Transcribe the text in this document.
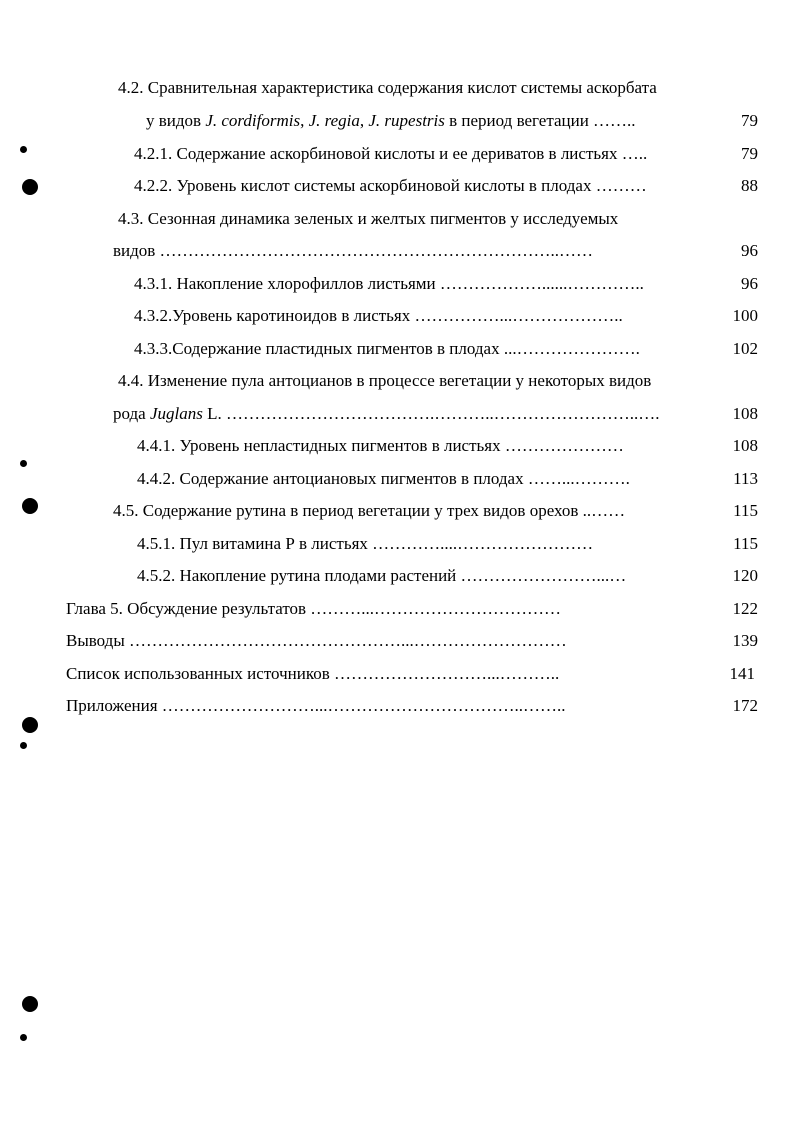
4.2. Сравнительная характеристика содержания кислот системы аскорбата
у видов J. cordiformis, J. regia, J. rupestris в период вегетации ……..	79
4.2.1. Содержание аскорбиновой кислоты и ее дериватов в листьях …..	79
4.2.2. Уровень кислот системы аскорбиновой кислоты в плодах ………	88
4.3. Сезонная динамика зеленых и желтых пигментов у исследуемых
видов ……………………………………………………………..……	96
4.3.1. Накопление хлорофиллов листьями ………………......…………..	96
4.3.2.Уровень каротиноидов в листьях ……………...………………..	100
4.3.3.Содержание пластидных пигментов в плодах ...………………….	102
4.4. Изменение пула антоцианов в процессе вегетации у некоторых видов
рода Juglans L. ……………………………….………..……………………..….	108
4.4.1. Уровень непластидных пигментов в листьях …………………	108
4.4.2. Содержание антоциановых пигментов в плодах ……...……….	113
4.5. Содержание рутина в период вегетации у трех видов орехов ..……	115
4.5.1. Пул витамина Р в листьях …………....……………………	115
4.5.2. Накопление рутина плодами растений ……………………...…	120
Глава 5. Обсуждение результатов ………...……………………………	122
Выводы …………………………………………...………………………	139
Список использованных источников ………………………...………..	141
Приложения ………………………...……………………………..……..	172
